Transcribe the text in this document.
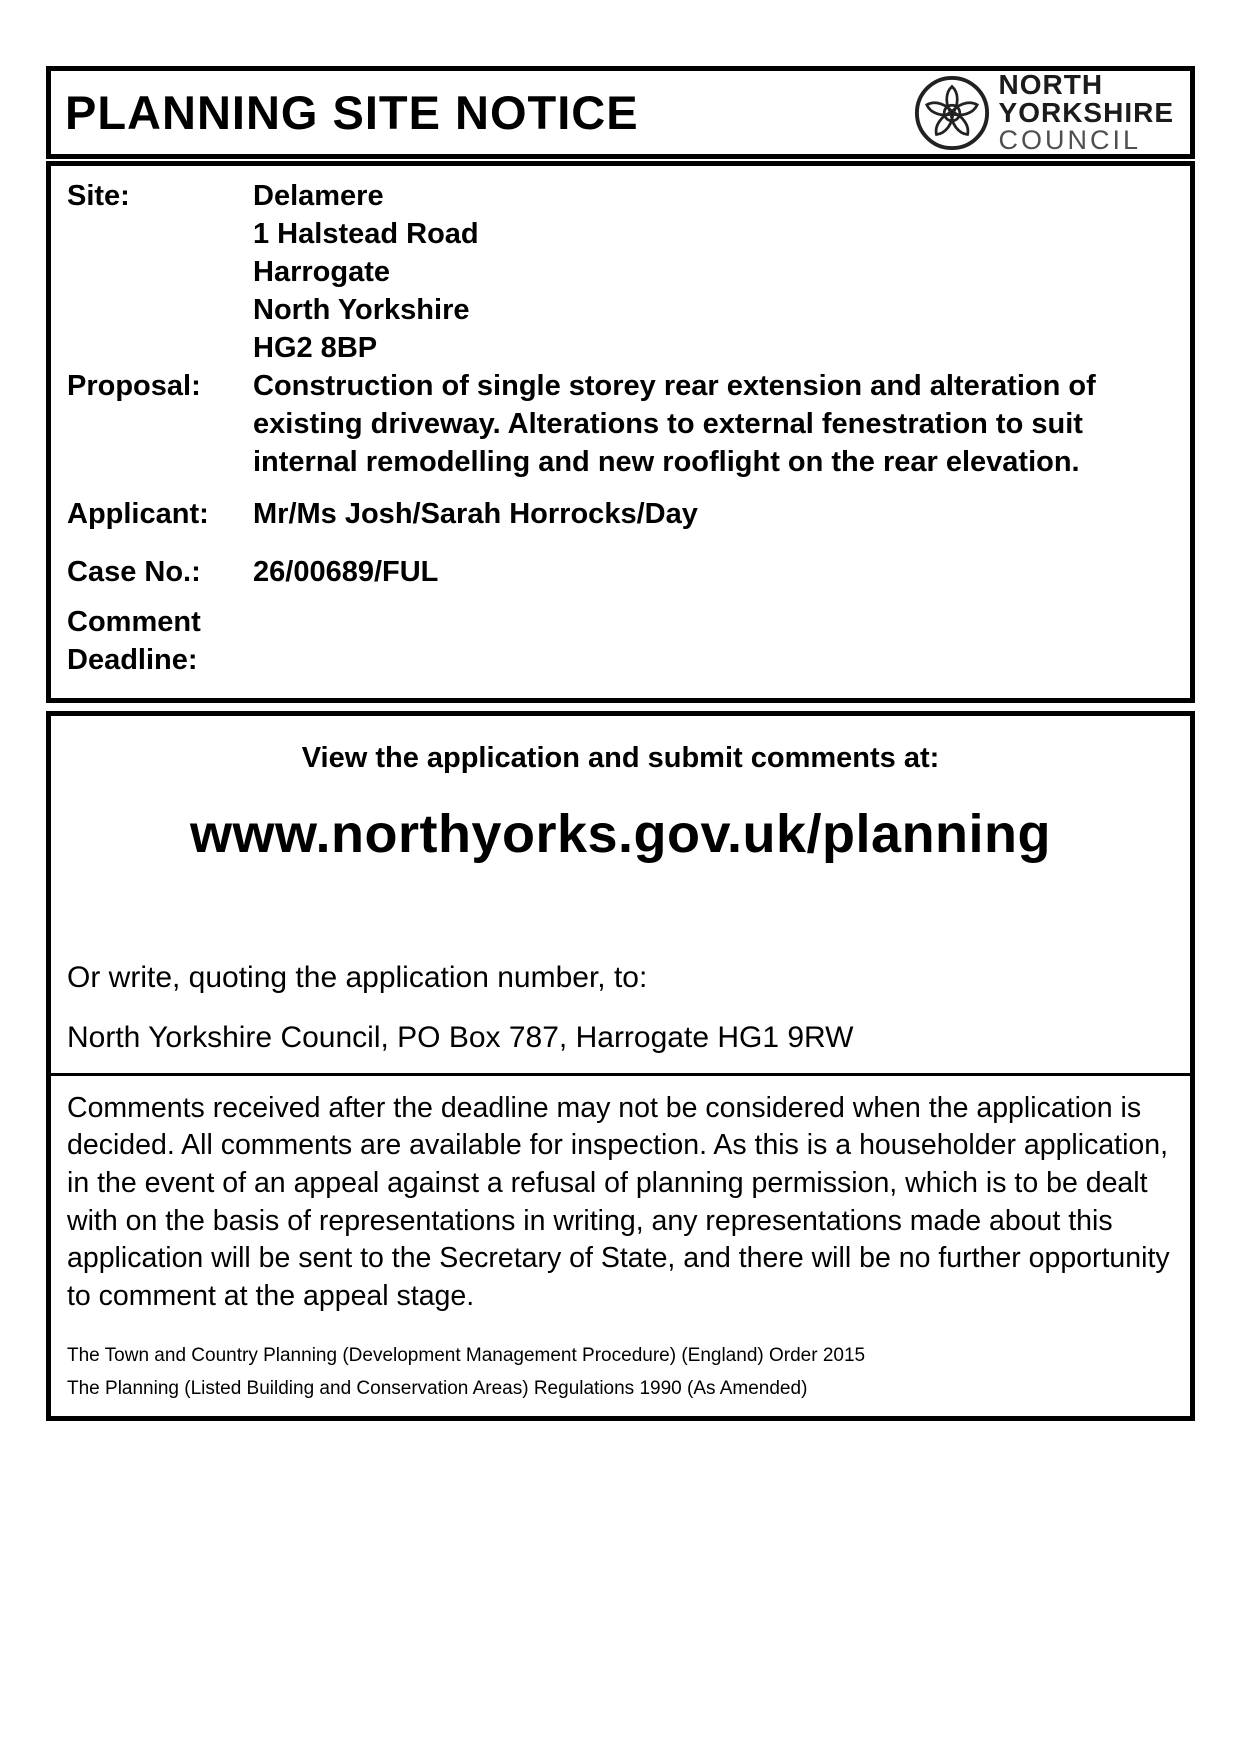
PLANNING SITE NOTICE
NORTH
YORKSHIRE
COUNCIL
Site:	Delamere
1 Halstead Road
Harrogate
North Yorkshire
HG2 8BP
Proposal:	Construction of single storey rear extension and alteration of existing driveway. Alterations to external fenestration to suit internal remodelling and new rooflight on the rear elevation.
Applicant:	Mr/Ms Josh/Sarah Horrocks/Day
Case No.:	26/00689/FUL
Comment
Deadline:
View the application and submit comments at:
www.northyorks.gov.uk/planning
Or write, quoting the application number, to:
North Yorkshire Council, PO Box 787, Harrogate HG1 9RW
Comments received after the deadline may not be considered when the application is decided. All comments are available for inspection. As this is a householder application, in the event of an appeal against a refusal of planning permission, which is to be dealt with on the basis of representations in writing, any representations made about this application will be sent to the Secretary of State, and there will be no further opportunity to comment at the appeal stage.
The Town and Country Planning (Development Management Procedure) (England) Order 2015
The Planning (Listed Building and Conservation Areas) Regulations 1990 (As Amended)
